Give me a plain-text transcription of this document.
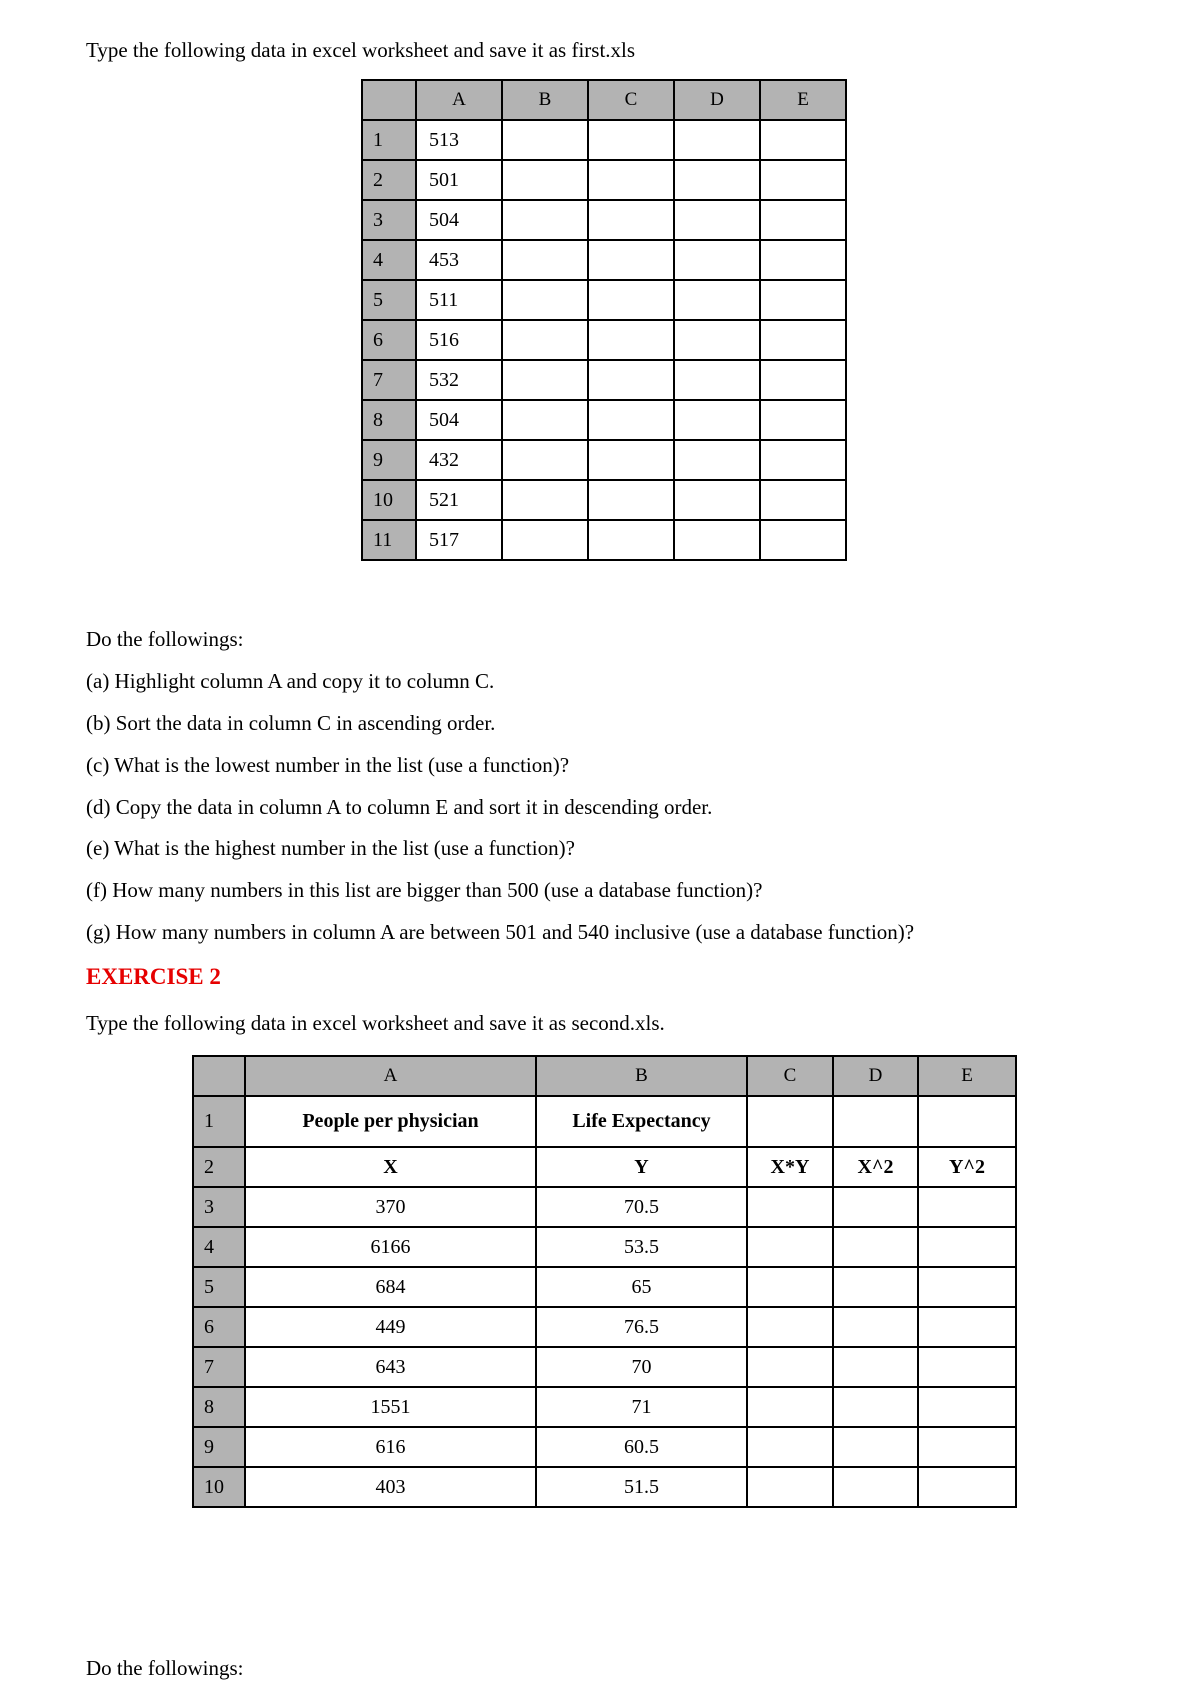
Type the following data in excel worksheet and save it as first.xls
	A	B	C	D	E
1	513				
2	501				
3	504				
4	453				
5	511				
6	516				
7	532				
8	504				
9	432				
10	521				
11	517				
Do the followings:
(a) Highlight column A and copy it to column C.
(b) Sort the data in column C in ascending order.
(c) What is the lowest number in the list (use a function)?
(d) Copy the data in column A to column E and sort it in descending order.
(e) What is the highest number in the list (use a function)?
(f) How many numbers in this list are bigger than 500 (use a database function)?
(g) How many numbers in column A are between 501 and 540 inclusive (use a database function)?
EXERCISE 2
Type the following data in excel worksheet and save it as second.xls.
	A	B	C	D	E
1	People per physician	Life Expectancy			
2	X	Y	X*Y	X^2	Y^2
3	370	70.5			
4	6166	53.5			
5	684	65			
6	449	76.5			
7	643	70			
8	1551	71			
9	616	60.5			
10	403	51.5			
Do the followings:
